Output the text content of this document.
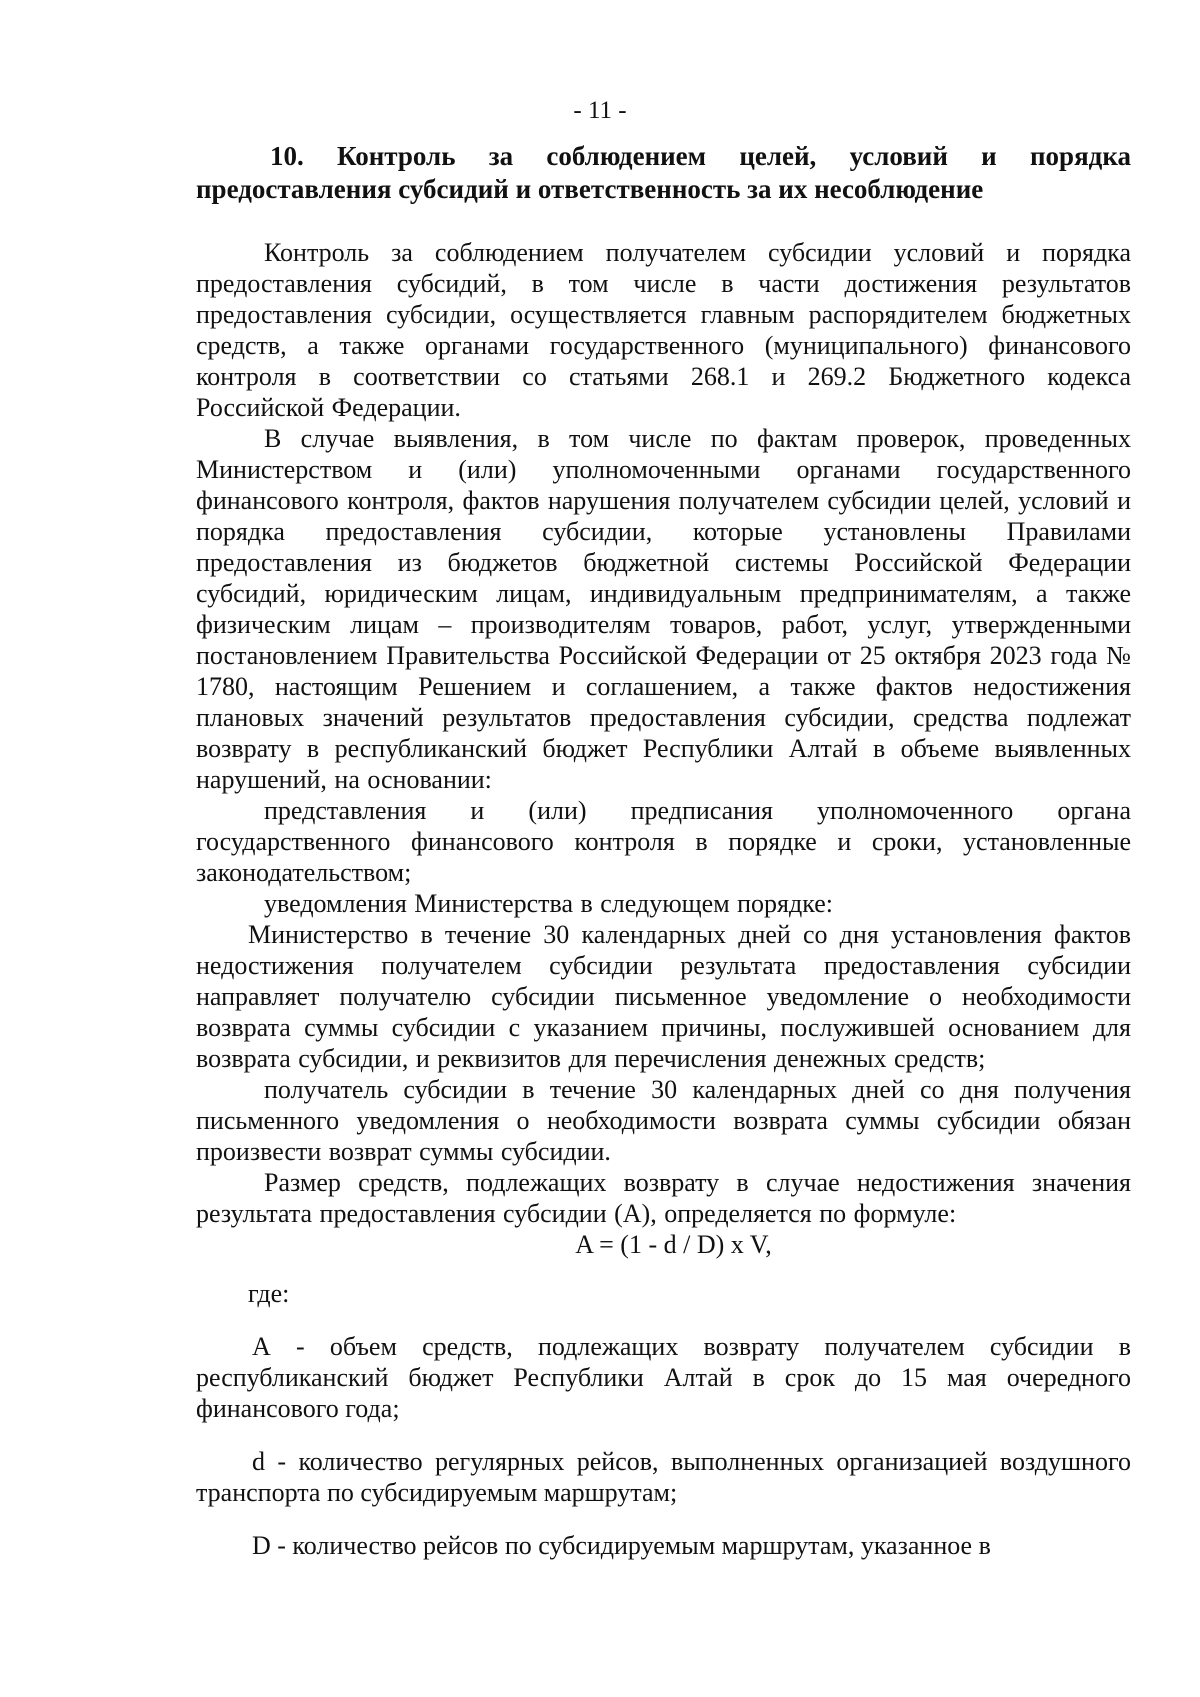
- 11 -
10. Контроль за соблюдением целей, условий и порядка
предоставления субсидий и ответственность за их несоблюдение

Контроль за соблюдением получателем субсидии условий и порядка предоставления субсидий, в том числе в части достижения результатов предоставления субсидии, осуществляется главным распорядителем бюджетных средств, а также органами государственного (муниципального) финансового контроля в соответствии со статьями 268.1 и 269.2 Бюджетного кодекса Российской Федерации.

В случае выявления, в том числе по фактам проверок, проведенных Министерством и (или) уполномоченными органами государственного финансового контроля, фактов нарушения получателем субсидии целей, условий и порядка предоставления субсидии, которые установлены Правилами предоставления из бюджетов бюджетной системы Российской Федерации субсидий, юридическим лицам, индивидуальным предпринимателям, а также физическим лицам – производителям товаров, работ, услуг, утвержденными постановлением Правительства Российской Федерации от 25 октября 2023 года № 1780, настоящим Решением и соглашением, а также фактов недостижения плановых значений результатов предоставления субсидии, средства подлежат возврату в республиканский бюджет Республики Алтай в объеме выявленных нарушений, на основании:

представления и (или) предписания уполномоченного органа государственного финансового контроля в порядке и сроки, установленные законодательством;

уведомления Министерства в следующем порядке:

Министерство в течение 30 календарных дней со дня установления фактов недостижения получателем субсидии результата предоставления субсидии направляет получателю субсидии письменное уведомление о необходимости возврата суммы субсидии с указанием причины, послужившей основанием для возврата субсидии, и реквизитов для перечисления денежных средств;

получатель субсидии в течение 30 календарных дней со дня получения письменного уведомления о необходимости возврата суммы субсидии обязан произвести возврат суммы субсидии.

Размер средств, подлежащих возврату в случае недостижения значения результата предоставления субсидии (А), определяется по формуле:

A = (1 - d / D) x V,

где:

А - объем средств, подлежащих возврату получателем субсидии в республиканский бюджет Республики Алтай в срок до 15 мая очередного финансового года;

d - количество регулярных рейсов, выполненных организацией воздушного транспорта по субсидируемым маршрутам;

D - количество рейсов по субсидируемым маршрутам, указанное в
